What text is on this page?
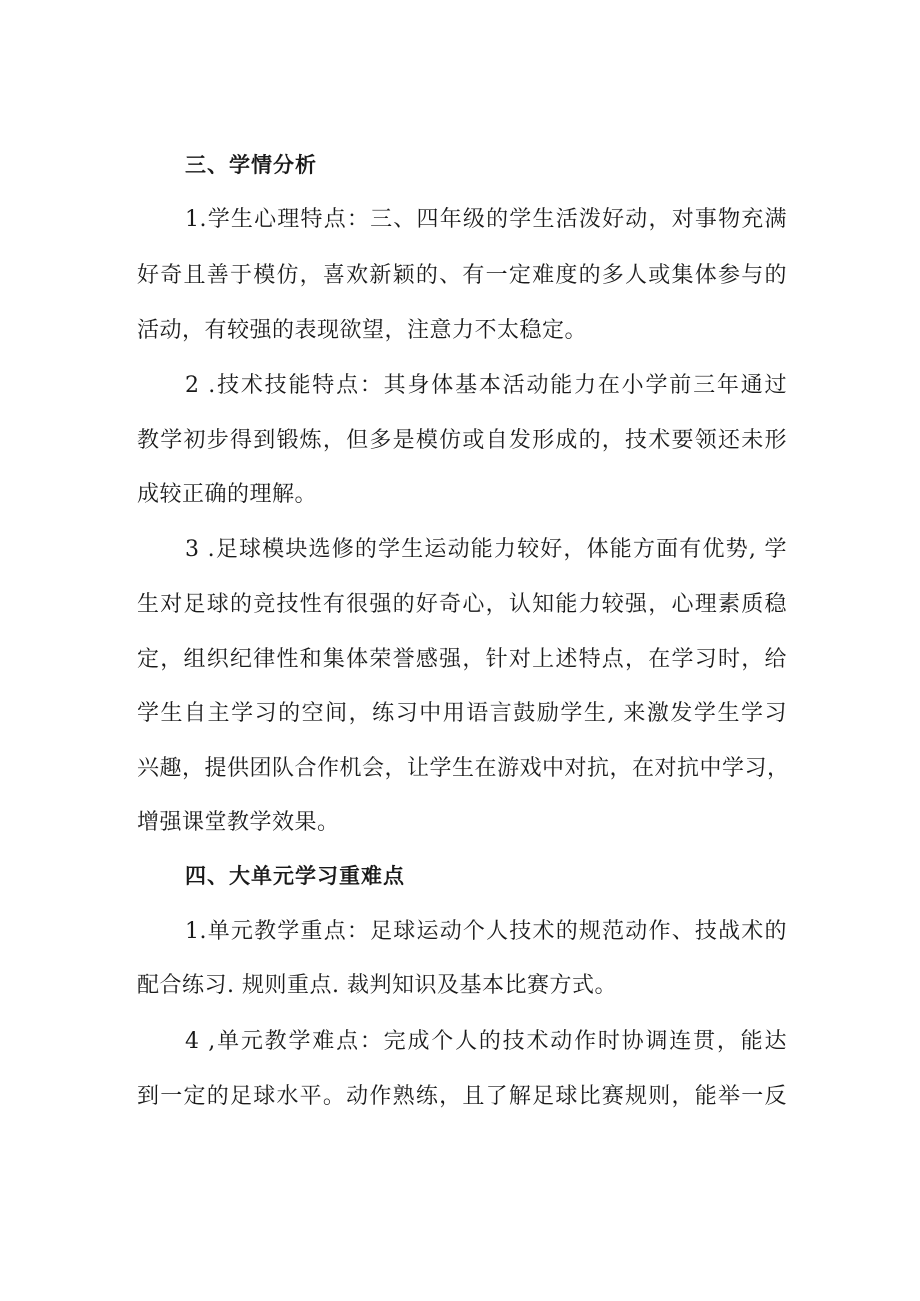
三、学情分析
1.学生心理特点：三、四年级的学生活泼好动，对事物充满
好奇且善于模仿，喜欢新颖的、有一定难度的多人或集体参与的
活动，有较强的表现欲望，注意力不太稳定。
2 .技术技能特点：其身体基本活动能力在小学前三年通过
教学初步得到锻炼，但多是模仿或自发形成的，技术要领还未形
成较正确的理解。
3 .足球模块选修的学生运动能力较好，体能方面有优势, 学
生对足球的竞技性有很强的好奇心，认知能力较强，心理素质稳
定，组织纪律性和集体荣誉感强，针对上述特点，在学习时，给
学生自主学习的空间，练习中用语言鼓励学生, 来激发学生学习
兴趣，提供团队合作机会，让学生在游戏中对抗，在对抗中学习，
增强课堂教学效果。
四、大单元学习重难点
1.单元教学重点：足球运动个人技术的规范动作、技战术的
配合练习. 规则重点. 裁判知识及基本比赛方式。
4 ,单元教学难点：完成个人的技术动作时协调连贯，能达
到一定的足球水平。动作熟练，且了解足球比赛规则，能举一反
